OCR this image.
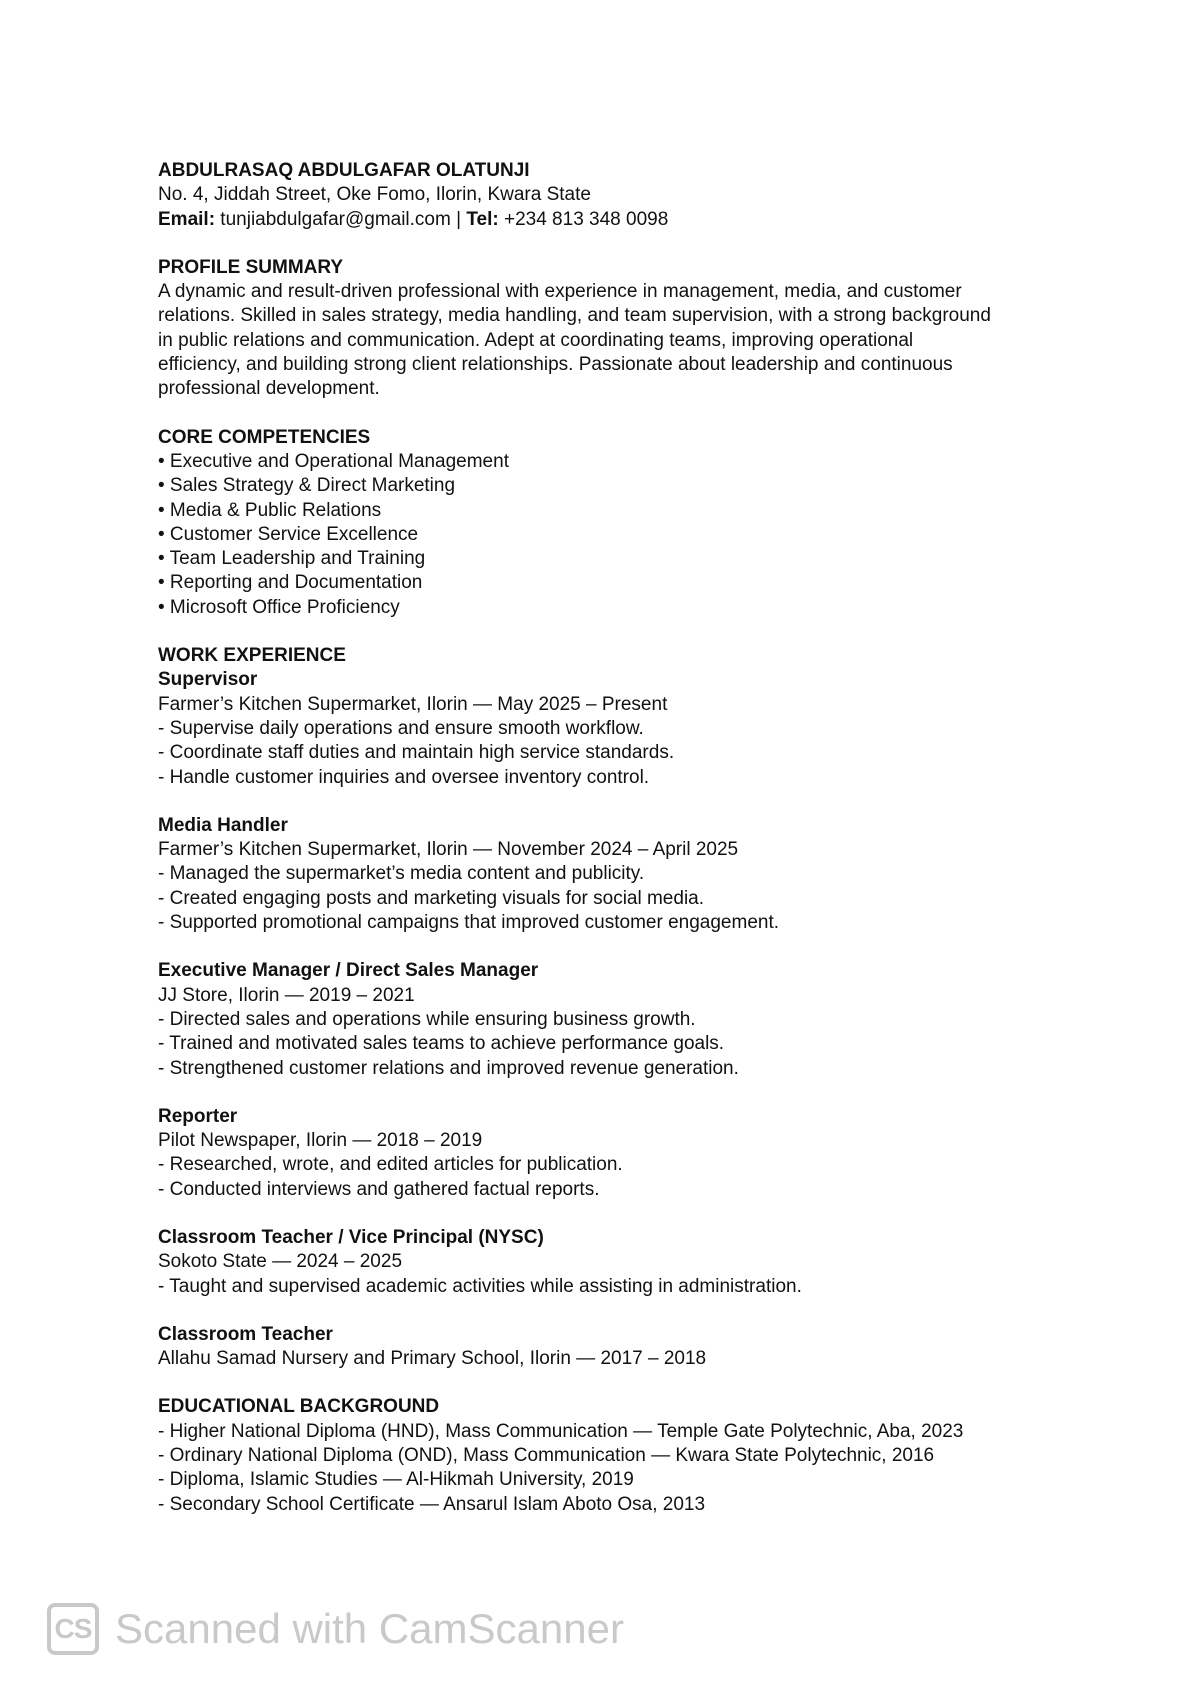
ABDULRASAQ ABDULGAFAR OLATUNJI
No. 4, Jiddah Street, Oke Fomo, Ilorin, Kwara State
Email: tunjiabdulgafar@gmail.com | Tel: +234 813 348 0098
PROFILE SUMMARY
A dynamic and result-driven professional with experience in management, media, and customer
relations. Skilled in sales strategy, media handling, and team supervision, with a strong background
in public relations and communication. Adept at coordinating teams, improving operational
efficiency, and building strong client relationships. Passionate about leadership and continuous
professional development.
CORE COMPETENCIES
• Executive and Operational Management
• Sales Strategy & Direct Marketing
• Media & Public Relations
• Customer Service Excellence
• Team Leadership and Training
• Reporting and Documentation
• Microsoft Office Proficiency
WORK EXPERIENCE
Supervisor
Farmer’s Kitchen Supermarket, Ilorin — May 2025 – Present
- Supervise daily operations and ensure smooth workflow.
- Coordinate staff duties and maintain high service standards.
- Handle customer inquiries and oversee inventory control.
Media Handler
Farmer’s Kitchen Supermarket, Ilorin — November 2024 – April 2025
- Managed the supermarket’s media content and publicity.
- Created engaging posts and marketing visuals for social media.
- Supported promotional campaigns that improved customer engagement.
Executive Manager / Direct Sales Manager
JJ Store, Ilorin — 2019 – 2021
- Directed sales and operations while ensuring business growth.
- Trained and motivated sales teams to achieve performance goals.
- Strengthened customer relations and improved revenue generation.
Reporter
Pilot Newspaper, Ilorin — 2018 – 2019
- Researched, wrote, and edited articles for publication.
- Conducted interviews and gathered factual reports.
Classroom Teacher / Vice Principal (NYSC)
Sokoto State — 2024 – 2025
- Taught and supervised academic activities while assisting in administration.
Classroom Teacher
Allahu Samad Nursery and Primary School, Ilorin — 2017 – 2018
EDUCATIONAL BACKGROUND
- Higher National Diploma (HND), Mass Communication — Temple Gate Polytechnic, Aba, 2023
- Ordinary National Diploma (OND), Mass Communication — Kwara State Polytechnic, 2016
- Diploma, Islamic Studies — Al-Hikmah University, 2019
- Secondary School Certificate — Ansarul Islam Aboto Osa, 2013
CS Scanned with CamScanner
